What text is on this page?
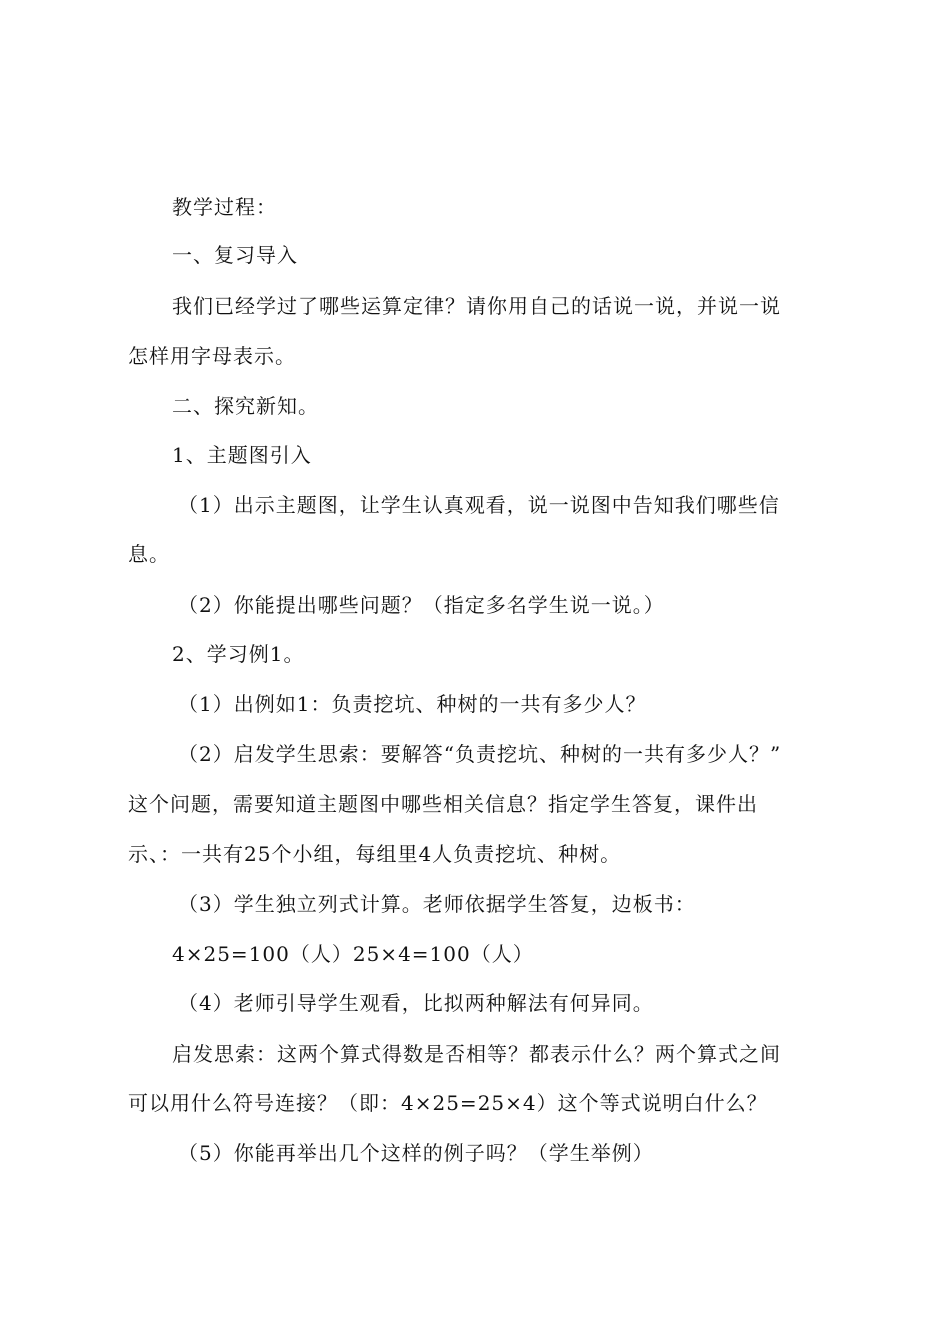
教学过程：
一、复习导入
我们已经学过了哪些运算定律？请你用自己的话说一说，并说一说
怎样用字母表示。
二、探究新知。
1、主题图引入
（1）出示主题图，让学生认真观看，说一说图中告知我们哪些信
息。
（2）你能提出哪些问题？（指定多名学生说一说。）
2、学习例1。
（1）出例如1：负责挖坑、种树的一共有多少人？
（2）启发学生思索：要解答“负责挖坑、种树的一共有多少人？”
这个问题，需要知道主题图中哪些相关信息？指定学生答复，课件出
示、：一共有25个小组，每组里4人负责挖坑、种树。
（3）学生独立列式计算。老师依据学生答复，边板书：
4×25=100（人）25×4=100（人）
（4）老师引导学生观看，比拟两种解法有何异同。
启发思索：这两个算式得数是否相等？都表示什么？两个算式之间
可以用什么符号连接？（即：4×25=25×4）这个等式说明白什么？
（5）你能再举出几个这样的例子吗？（学生举例）
